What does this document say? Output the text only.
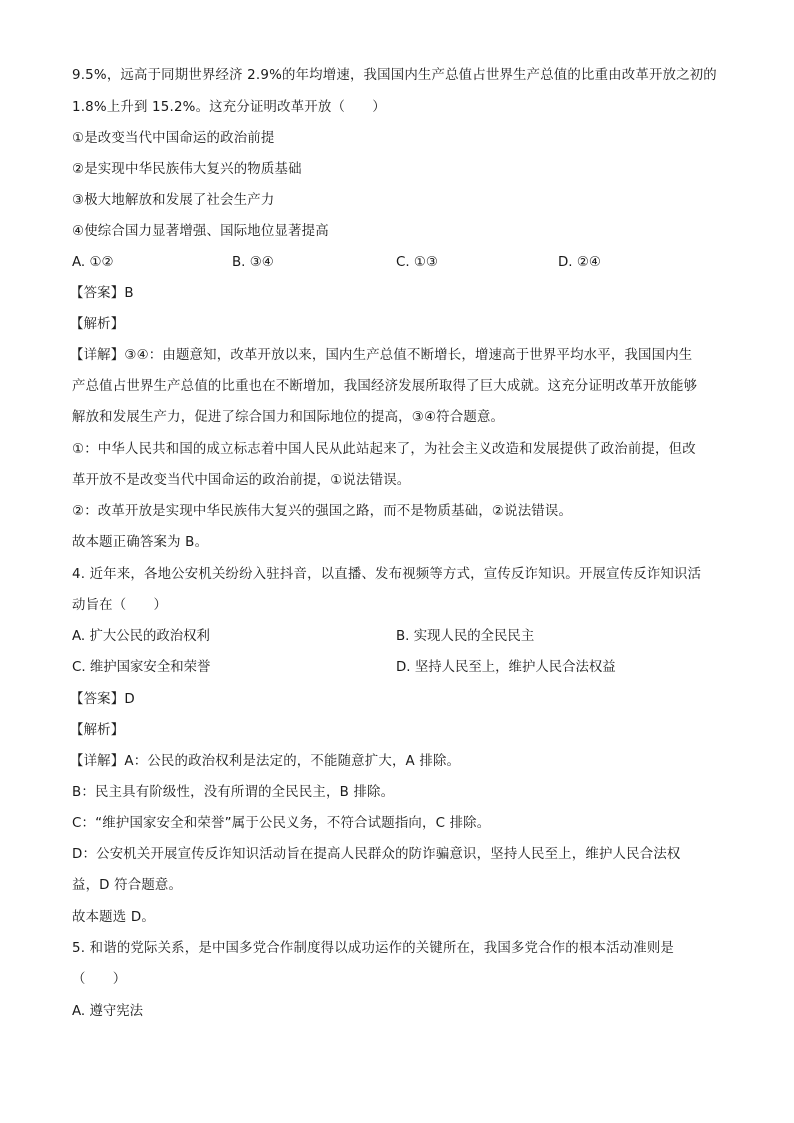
9.5%，远高于同期世界经济 2.9%的年均增速，我国国内生产总值占世界生产总值的比重由改革开放之初的
1.8%上升到 15.2%。这充分证明改革开放（　　）
①是改变当代中国命运的政治前提
②是实现中华民族伟大复兴的物质基础
③极大地解放和发展了社会生产力
④使综合国力显著增强、国际地位显著提高
A. ①②	B. ③④	C. ①③	D. ②④
【答案】B
【解析】
【详解】③④：由题意知，改革开放以来，国内生产总值不断增长，增速高于世界平均水平，我国国内生
产总值占世界生产总值的比重也在不断增加，我国经济发展所取得了巨大成就。这充分证明改革开放能够
解放和发展生产力，促进了综合国力和国际地位的提高，③④符合题意。
①：中华人民共和国的成立标志着中国人民从此站起来了，为社会主义改造和发展提供了政治前提，但改
革开放不是改变当代中国命运的政治前提，①说法错误。
②：改革开放是实现中华民族伟大复兴的强国之路，而不是物质基础，②说法错误。
故本题正确答案为 B。
4. 近年来，各地公安机关纷纷入驻抖音，以直播、发布视频等方式，宣传反诈知识。开展宣传反诈知识活
动旨在（　　）
A. 扩大公民的政治权利	B. 实现人民的全民民主
C. 维护国家安全和荣誉	D. 坚持人民至上，维护人民合法权益
【答案】D
【解析】
【详解】A：公民的政治权利是法定的，不能随意扩大，A 排除。
B：民主具有阶级性，没有所谓的全民民主，B 排除。
C：“维护国家安全和荣誉”属于公民义务，不符合试题指向，C 排除。
D：公安机关开展宣传反诈知识活动旨在提高人民群众的防诈骗意识，坚持人民至上，维护人民合法权
益，D 符合题意。
故本题选 D。
5. 和谐的党际关系，是中国多党合作制度得以成功运作的关键所在，我国多党合作的根本活动准则是
（　　）
A. 遵守宪法
